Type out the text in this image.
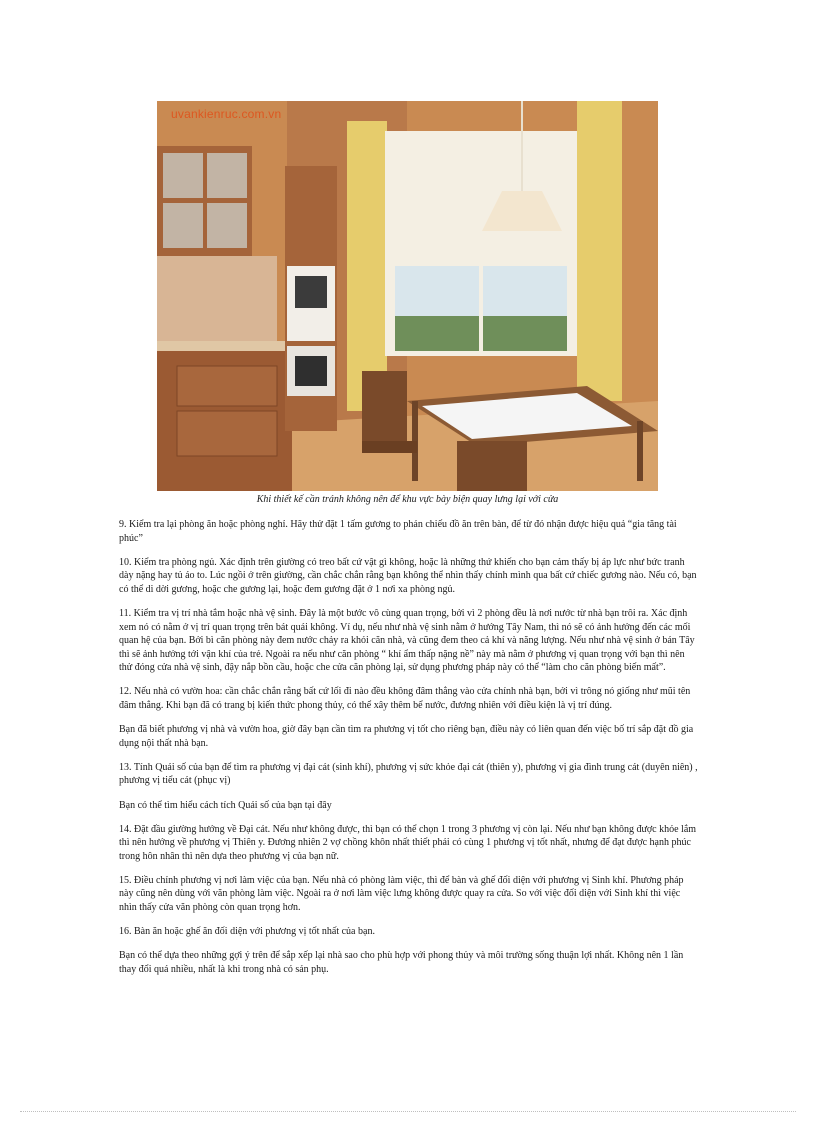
uvankienruc.com.vn
Khi thiết kế cần tránh không nên để khu vực bày biện quay lưng lại với cửa

9. Kiểm tra lại phòng ăn hoặc phòng nghỉ. Hãy thử đặt 1 tấm gương to phản chiếu đồ ăn trên bàn, để từ đó nhận được hiệu quả “gia tăng tài phúc”

10. Kiểm tra phòng ngủ. Xác định trên giường có treo bất cứ vật gì không, hoặc là những thứ khiến cho bạn cảm thấy bị áp lực như bức tranh dày nặng hay tủ áo to. Lúc ngồi ở trên giường, cần chắc chắn rằng bạn không thể nhìn thấy chính mình qua bất cứ chiếc gương nào. Nếu có, bạn có thể di dời gương, hoặc che gương lại, hoặc đem gương đặt ở 1 nơi xa phòng ngủ.

11. Kiểm tra vị trí nhà tắm hoặc nhà vệ sinh. Đây là một bước vô cùng quan trọng, bởi vì 2 phòng đều là nơi nước từ nhà bạn trôi ra. Xác định xem nó có nằm ở vị trí quan trọng trên bát quái không. Ví dụ, nếu như nhà vệ sinh nằm ở hướng Tây Nam, thì nó sẽ có ảnh hưởng đến các mối quan hệ của bạn. Bởi bì căn phòng này đem nước chảy ra khỏi căn nhà, và cũng đem theo cả khí và năng lượng. Nếu như nhà vệ sinh ở bán Tây thì sẽ ảnh hưởng tới vận khí của trẻ. Ngoài ra nếu như căn phòng “ khí ẩm thấp nặng nề” này mà nằm ở phương vị quan trọng với bạn thì nên thử đóng cửa nhà vệ sinh, đậy nắp bồn cầu, hoặc che cửa căn phòng lại, sử dụng phương pháp này có thể “làm cho căn phòng biến mất”.

12. Nếu nhà có vườn hoa: cần chắc chắn rằng bất cứ lối đi nào đều không đâm thẳng vào cửa chính nhà bạn, bởi vì trông nó giống như mũi tên đâm thẳng. Khi bạn đã có trang bị kiến thức phong thủy, có thể xây thêm bể nước, đương nhiên với điều kiện là vị trí đúng.

Bạn đã biết phương vị nhà và vườn hoa, giờ đây bạn cần tìm ra phương vị tốt cho riêng bạn, điều này có liên quan đến việc bố trí sắp đặt đồ gia dụng nội thất nhà bạn.

13. Tính Quái số của bạn để tìm ra phương vị đại cát (sinh khí), phương vị sức khỏe đại cát (thiên y), phương vị gia đình trung cát (duyên niên) , phương vị tiểu cát (phục vị)

Bạn có thể tìm hiểu cách tích Quái số của bạn tại đây

14. Đặt đầu giường hướng về Đại cát. Nếu như không được, thì bạn có thể chọn 1 trong 3 phương vị còn lại. Nếu như bạn không được khỏe lắm thì nên hướng về phương vị Thiên y. Đương nhiên 2 vợ chồng khôn nhất thiết phải có cùng 1 phương vị tốt nhất, nhưng để đạt được hạnh phúc trong hôn nhân thì nên dựa theo phương vị của bạn nữ.

15. Điều chỉnh phương vị nơi làm việc của bạn. Nếu nhà có phòng làm việc, thì để bàn và ghế đối diện với phương vị Sinh khí. Phương pháp này cũng nên dùng với văn phòng làm việc. Ngoài ra ở nơi làm việc lưng không được quay ra cửa. So với việc đối diện với Sinh khí thì việc nhìn thấy cửa văn phòng còn quan trọng hơn.

16. Bàn ăn hoặc ghế ăn đối diện với phương vị tốt nhất của bạn.

Bạn có thể dựa theo những gợi ý trên để sắp xếp lại nhà sao cho phù hợp với phong thủy và môi trường sống thuận lợi nhất. Không nên 1 lần thay đổi quá nhiều, nhất là khi trong nhà có sản phụ.
